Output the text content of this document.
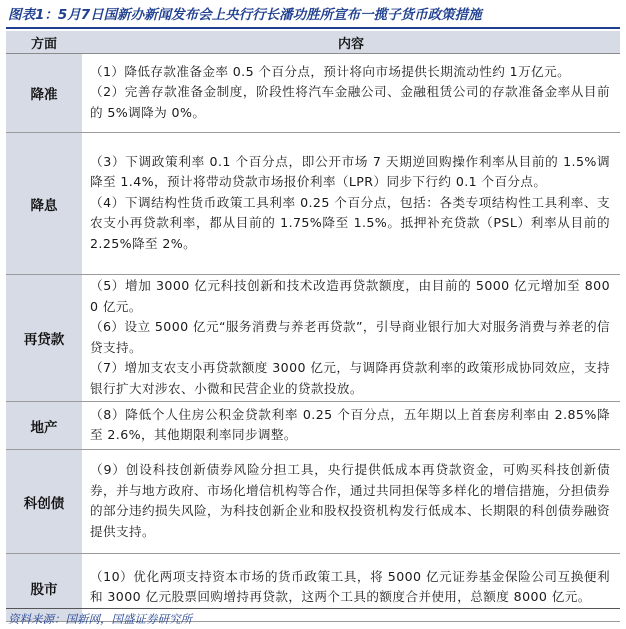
图表1：5月7日国新办新闻发布会上央行行长潘功胜所宣布一揽子货币政策措施
方面	内容
降准	（1）降低存款准备金率 0.5 个百分点，预计将向市场提供长期流动性约 1万亿元。

（2）完善存款准备金制度，阶段性将汽车金融公司、金融租赁公司的存款准备金率从目前的 5%调降为 0%。

降息	（3）下调政策利率 0.1 个百分点，即公开市场 7 天期逆回购操作利率从目前的 1.5%调降至 1.4%，预计将带动贷款市场报价利率（LPR）同步下行约 0.1 个百分点。

（4）下调结构性货币政策工具利率 0.25 个百分点，包括：各类专项结构性工具利率、支农支小再贷款利率，都从目前的 1.75%降至 1.5%。抵押补充贷款（PSL）利率从目前的 2.25%降至 2%。

再贷款	（5）增加 3000 亿元科技创新和技术改造再贷款额度，由目前的 5000 亿元增加至 8000 亿元。

（6）设立 5000 亿元“服务消费与养老再贷款”，引导商业银行加大对服务消费与养老的信贷支持。

（7）增加支农支小再贷款额度 3000 亿元，与调降再贷款利率的政策形成协同效应，支持银行扩大对涉农、小微和民营企业的贷款投放。

地产	（8）降低个人住房公积金贷款利率 0.25 个百分点，五年期以上首套房利率由 2.85%降至 2.6%，其他期限利率同步调整。

科创债	（9）创设科技创新债券风险分担工具，央行提供低成本再贷款资金，可购买科技创新债券，并与地方政府、市场化增信机构等合作，通过共同担保等多样化的增信措施，分担债券的部分违约损失风险，为科技创新企业和股权投资机构发行低成本、长期限的科创债券融资提供支持。

股市	（10）优化两项支持资本市场的货币政策工具，将 5000 亿元证券基金保险公司互换便利和 3000 亿元股票回购增持再贷款，这两个工具的额度合并使用，总额度 8000 亿元。

资料来源：国新网，国盛证券研究所
